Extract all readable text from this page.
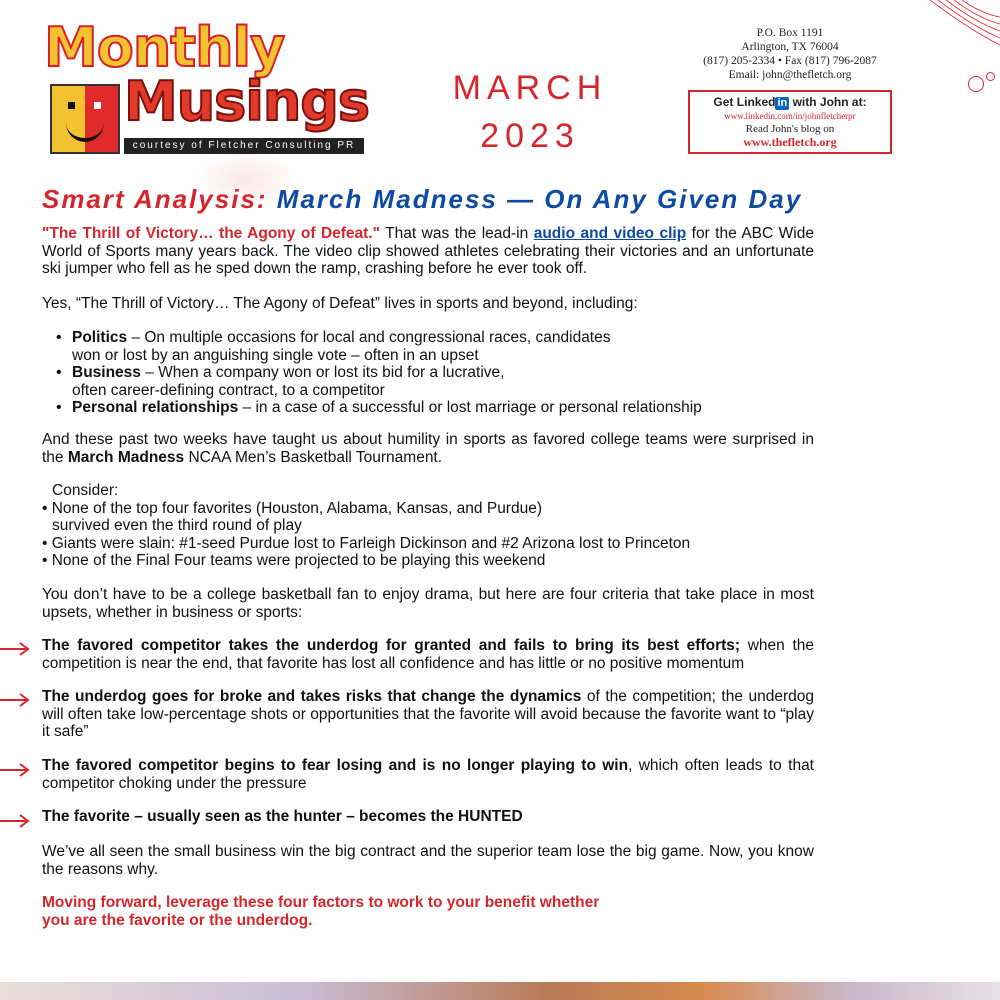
Monthly
Musings
courtesy of Fletcher Consulting PR
MARCH
2023
P.O. Box 1191
Arlington, TX 76004
(817) 205-2334 • Fax (817) 796-2087
Email: john@thefletch.org
Get Linked in with John at:
www.linkedin.com/in/johnfletcherpr
Read John's blog on
www.thefletch.org
Smart Analysis: March Madness — On Any Given Day
"The Thrill of Victory… the Agony of Defeat." That was the lead-in audio and video clip for the ABC Wide World of Sports many years back. The video clip showed athletes celebrating their victories and an unfortunate ski jumper who fell as he sped down the ramp, crashing before he ever took off.
Yes, “The Thrill of Victory… The Agony of Defeat” lives in sports and beyond, including:
• Politics – On multiple occasions for local and congressional races, candidates
won or lost by an anguishing single vote – often in an upset
• Business – When a company won or lost its bid for a lucrative,
often career-defining contract, to a competitor
• Personal relationships – in a case of a successful or lost marriage or personal relationship
And these past two weeks have taught us about humility in sports as favored college teams were surprised in the March Madness NCAA Men’s Basketball Tournament.
Consider:
• None of the top four favorites (Houston, Alabama, Kansas, and Purdue)
survived even the third round of play
• Giants were slain: #1-seed Purdue lost to Farleigh Dickinson and #2 Arizona lost to Princeton
• None of the Final Four teams were projected to be playing this weekend
You don’t have to be a college basketball fan to enjoy drama, but here are four criteria that take place in most upsets, whether in business or sports:
The favored competitor takes the underdog for granted and fails to bring its best efforts; when the competition is near the end, that favorite has lost all confidence and has little or no positive momentum
The underdog goes for broke and takes risks that change the dynamics of the competition; the underdog will often take low-percentage shots or opportunities that the favorite will avoid because the favorite want to “play it safe”
The favored competitor begins to fear losing and is no longer playing to win, which often leads to that competitor choking under the pressure
The favorite – usually seen as the hunter – becomes the HUNTED
We’ve all seen the small business win the big contract and the superior team lose the big game. Now, you know the reasons why.
Moving forward, leverage these four factors to work to your benefit whether
you are the favorite or the underdog.
